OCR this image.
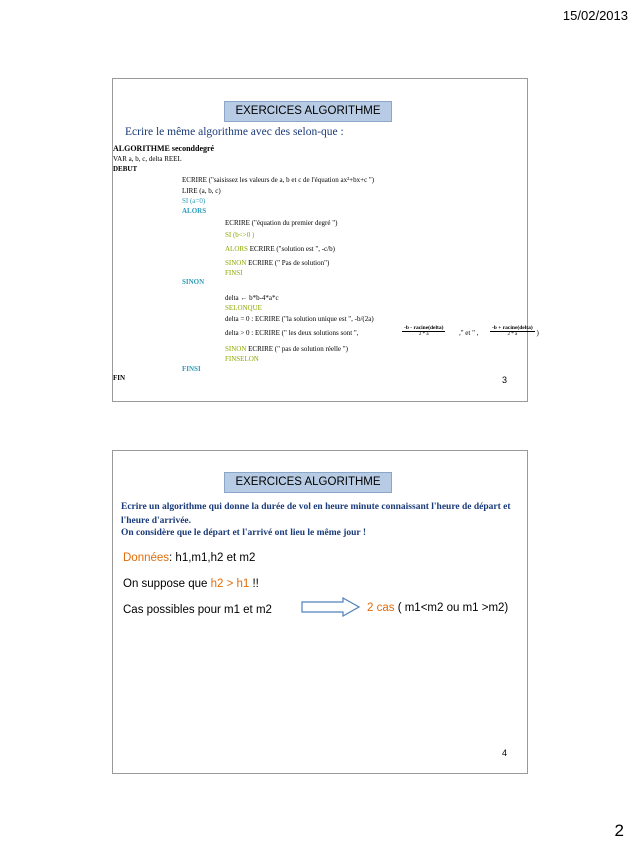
15/02/2013
EXERCICES ALGORITHME
Ecrire le même algorithme avec des selon-que :
ALGORITHME seconddegré
VAR a, b, c, delta REEL
DEBUT
ECRIRE ("saisissez les valeurs de a, b et c de l'équation ax²+bx+c ")
LIRE (a, b, c)
SI (a=0)
ALORS
ECRIRE ("équation du premier degré ")
SI (b<>0 )
ALORS ECRIRE ("solution est ", -c/b)
SINON ECRIRE (" Pas de solution")
FINSI
SINON
delta ← b*b-4*a*c
SELONQUE
delta = 0 : ECRIRE ("la solution unique est ", -b/(2a)
delta > 0 : ECRIRE (" les deux solutions sont ",	$\frac{\text{-b - racine(delta)}}{2 * a}$ ," et " , $\frac{\text{-b + racine(delta)}}{2 * a}$ )
SINON ECRIRE (" pas de solution réelle ")
FINSELON
FINSI
FIN	3
EXERCICES ALGORITHME
Ecrire un algorithme qui donne la durée de vol en heure minute connaissant l'heure de départ et l'heure d'arrivée.
On considère que le départ et l'arrivé ont lieu le même jour !
Données: h1,m1,h2 et m2
On suppose que h2 > h1 !!
Cas possibles pour m1 et m2	2 cas ( m1<m2 ou m1 >m2)
4
2
